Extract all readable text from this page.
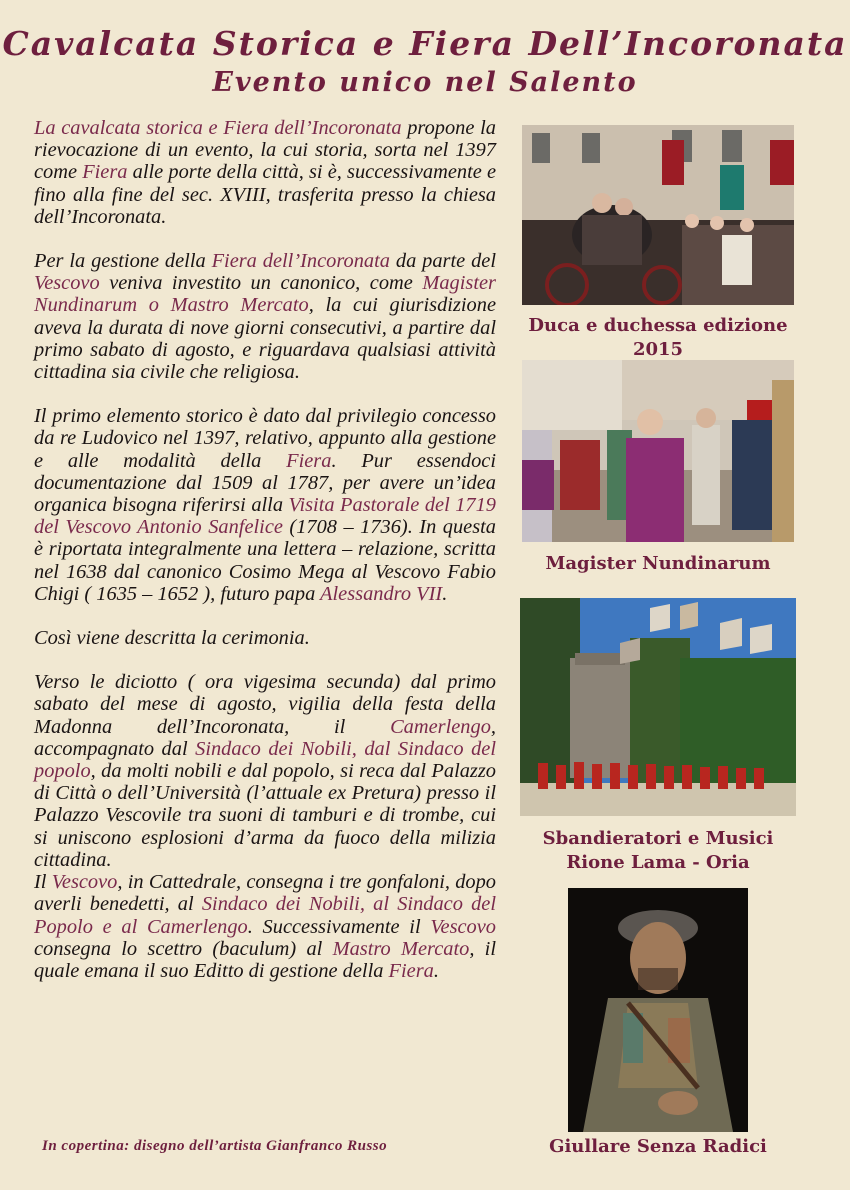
Cavalcata Storica e Fiera Dell’Incoronata
Evento unico nel Salento

La cavalcata storica e Fiera dell’Incoronata propone la rievocazione di un evento, la cui storia, sorta nel 1397 come Fiera alle porte della città, si è, successivamente e fino alla fine del sec. XVIII, trasferita presso la chiesa dell’Incoronata.

Per la gestione della Fiera dell’Incoronata da parte del Vescovo veniva investito un canonico, come Magister Nundinarum o Mastro Mercato, la cui giurisdizione aveva la durata di nove giorni consecutivi, a partire dal primo sabato di agosto, e riguardava qualsiasi attività cittadina sia civile che religiosa.

Il primo elemento storico è dato dal privilegio concesso da re Ludovico nel 1397, relativo, appunto alla gestione e alle modalità della Fiera. Pur essendoci documentazione dal 1509 al 1787, per avere un’idea organica bisogna riferirsi alla Visita Pastorale del 1719 del Vescovo Antonio Sanfelice (1708 – 1736). In questa è riportata integralmente una lettera – relazione, scritta nel 1638 dal canonico Cosimo Mega al Vescovo Fabio Chigi ( 1635 – 1652 ), futuro papa Alessandro VII.

Così viene descritta la cerimonia.

Verso le diciotto ( ora vigesima secunda) dal primo sabato del mese di agosto, vigilia della festa della Madonna dell’Incoronata, il Camerlengo, accompagnato dal Sindaco dei Nobili, dal Sindaco del popolo, da molti nobili e dal popolo, si reca dal Palazzo di Città o dell’Università (l’attuale ex Pretura) presso il Palazzo Vescovile tra suoni di tamburi e di trombe, cui si uniscono esplosioni d’arma da fuoco della milizia cittadina.

Il Vescovo, in Cattedrale, consegna i tre gonfaloni, dopo averli benedetti, al Sindaco dei Nobili, al Sindaco del Popolo e al Camerlengo. Successivamente il Vescovo consegna lo scettro (baculum) al Mastro Mercato, il quale emana il suo Editto di gestione della Fiera.

In copertina: disegno dell’artista Gianfranco Russo
Duca e duchessa edizione 2015
Magister Nundinarum
Sbandieratori e Musici
Rione Lama - Oria
Giullare Senza Radici
